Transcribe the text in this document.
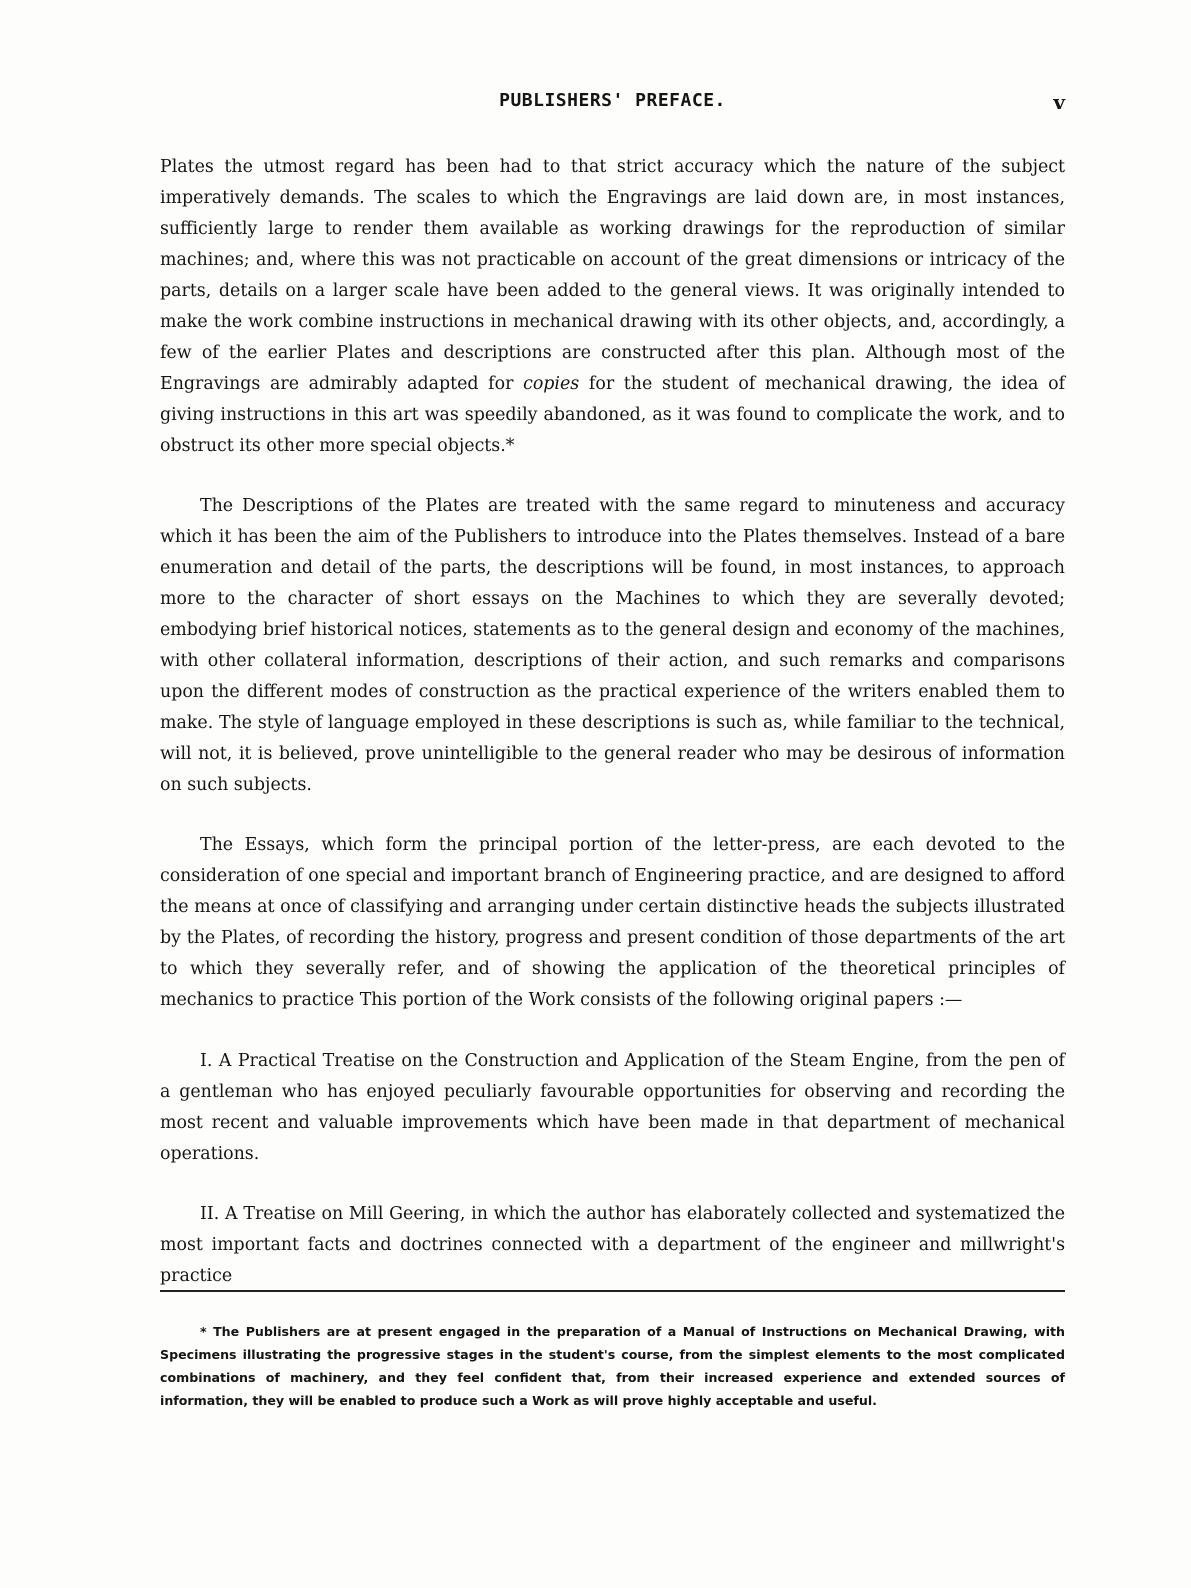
PUBLISHERS' PREFACE.	v

Plates the utmost regard has been had to that strict accuracy which the nature of the subject imperatively demands. The scales to which the Engravings are laid down are, in most instances, sufficiently large to render them available as working drawings for the reproduction of similar machines; and, where this was not practicable on account of the great dimensions or intricacy of the parts, details on a larger scale have been added to the general views. It was originally intended to make the work combine instructions in mechanical drawing with its other objects, and, accordingly, a few of the earlier Plates and descriptions are constructed after this plan. Although most of the Engravings are admirably adapted for copies for the student of mechanical drawing, the idea of giving instructions in this art was speedily abandoned, as it was found to complicate the work, and to obstruct its other more special objects.*

The Descriptions of the Plates are treated with the same regard to minuteness and accuracy which it has been the aim of the Publishers to introduce into the Plates themselves. Instead of a bare enumeration and detail of the parts, the descriptions will be found, in most instances, to approach more to the character of short essays on the Machines to which they are severally devoted; embodying brief historical notices, statements as to the general design and economy of the machines, with other collateral information, descriptions of their action, and such remarks and comparisons upon the different modes of construction as the practical experience of the writers enabled them to make. The style of language employed in these descriptions is such as, while familiar to the technical, will not, it is believed, prove unintelligible to the general reader who may be desirous of information on such subjects.

The Essays, which form the principal portion of the letter-press, are each devoted to the consideration of one special and important branch of Engineering practice, and are designed to afford the means at once of classifying and arranging under certain distinctive heads the subjects illustrated by the Plates, of recording the history, progress and present condition of those departments of the art to which they severally refer, and of showing the application of the theoretical principles of mechanics to practice This portion of the Work consists of the following original papers :—

I. A Practical Treatise on the Construction and Application of the Steam Engine, from the pen of a gentleman who has enjoyed peculiarly favourable opportunities for observing and recording the most recent and valuable improvements which have been made in that department of mechanical operations.

II. A Treatise on Mill Geering, in which the author has elaborately collected and systematized the most important facts and doctrines connected with a department of the engineer and millwright's practice

* The Publishers are at present engaged in the preparation of a Manual of Instructions on Mechanical Drawing, with Specimens illustrating the progressive stages in the student's course, from the simplest elements to the most complicated combinations of machinery, and they feel confident that, from their increased experience and extended sources of information, they will be enabled to produce such a Work as will prove highly acceptable and useful.
